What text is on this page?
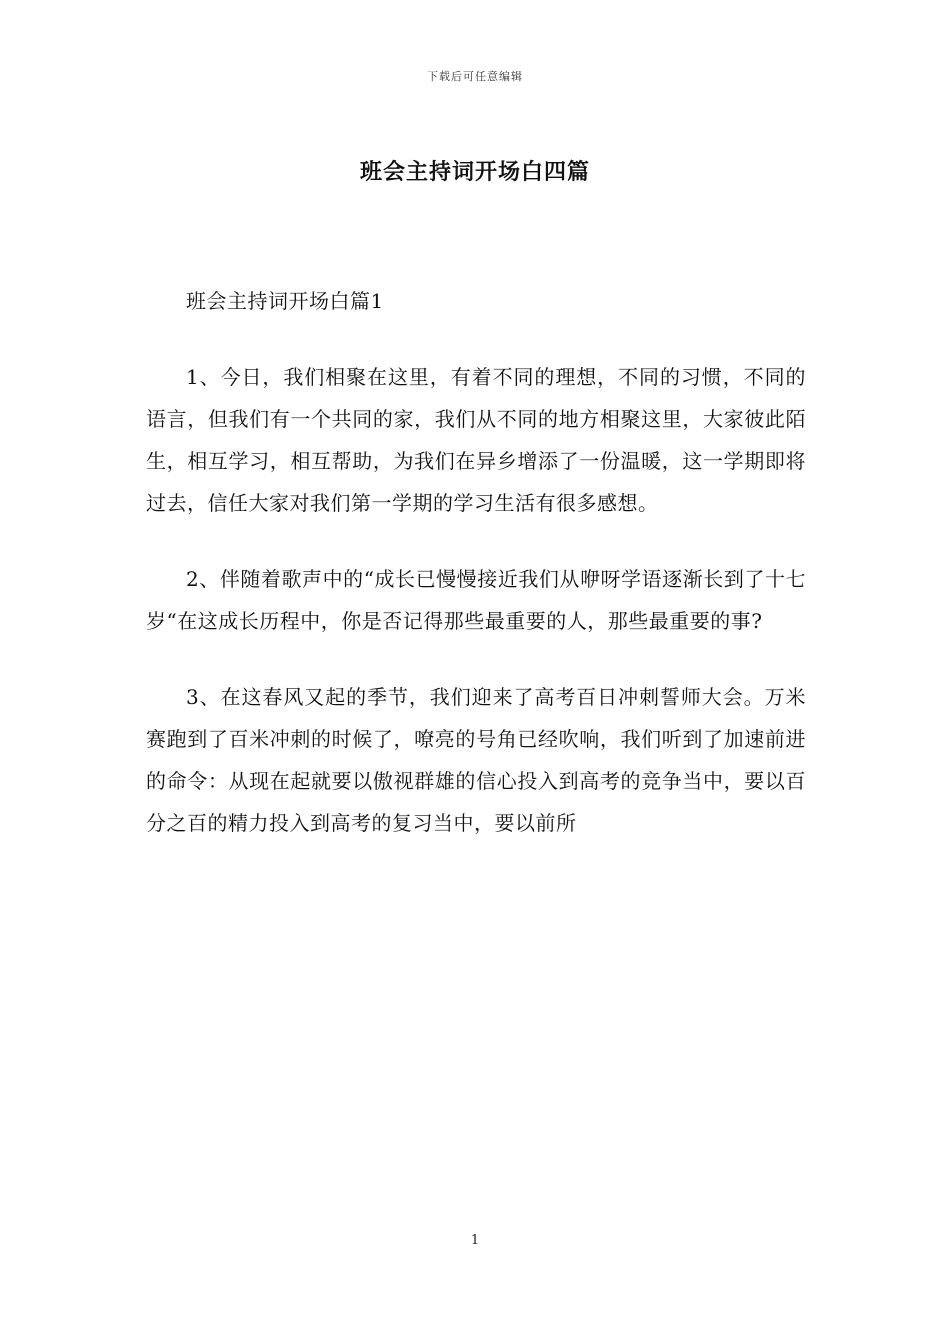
下载后可任意编辑
班会主持词开场白四篇

班会主持词开场白篇1

1、今日，我们相聚在这里，有着不同的理想，不同的习惯，不同的语言，但我们有一个共同的家，我们从不同的地方相聚这里，大家彼此陌生，相互学习，相互帮助，为我们在异乡增添了一份温暖，这一学期即将过去，信任大家对我们第一学期的学习生活有很多感想。

2、伴随着歌声中的“成长已慢慢接近我们从咿呀学语逐渐长到了十七岁“在这成长历程中，你是否记得那些最重要的人，那些最重要的事?

3、在这春风又起的季节，我们迎来了高考百日冲刺誓师大会。万米赛跑到了百米冲刺的时候了，嘹亮的号角已经吹响，我们听到了加速前进的命令：从现在起就要以傲视群雄的信心投入到高考的竞争当中，要以百分之百的精力投入到高考的复习当中，要以前所

1
